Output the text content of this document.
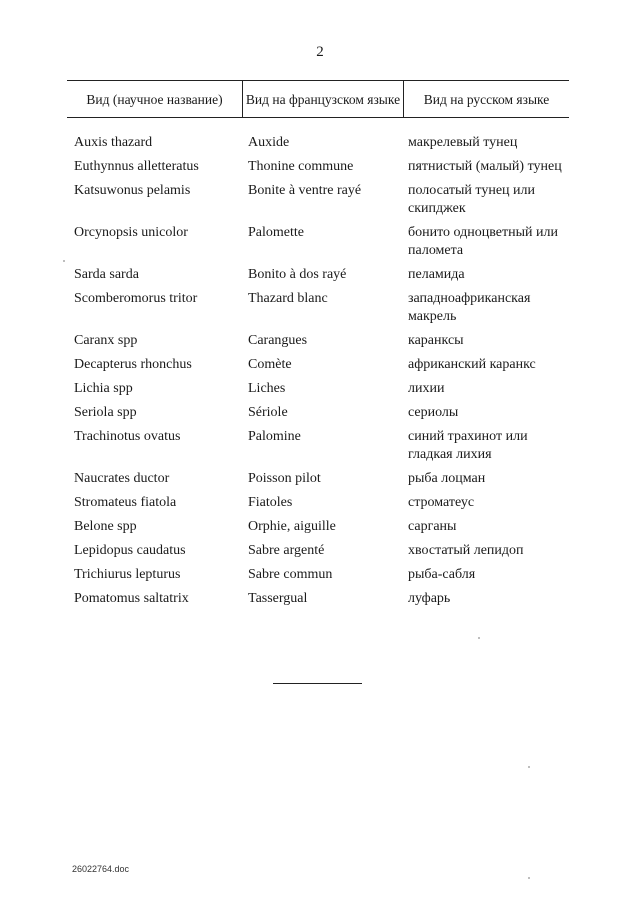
2
Вид (научное название)	Вид на французском языке	Вид на русском языке
Auxis thazard	Auxide	макрелевый тунец
Euthynnus alletteratus	Thonine commune	пятнистый (малый) тунец
Katsuwonus pelamis	Bonite à ventre rayé	полосатый тунец или скипджек
Orcynopsis unicolor	Palomette	бонито одноцветный или паломета
Sarda sarda	Bonito à dos rayé	пеламида
Scomberomorus tritor	Thazard blanc	западноафриканская макрель
Caranx spp	Carangues	каранксы
Decapterus rhonchus	Comète	африканский каранкс
Lichia spp	Liches	лихии
Seriola spp	Sériole	сериолы
Trachinotus ovatus	Palomine	синий трахинот или гладкая лихия
Naucrates ductor	Poisson pilot	рыба лоцман
Stromateus fiatola	Fiatoles	строматеус
Belone spp	Orphie, aiguille	сарганы
Lepidopus caudatus	Sabre argenté	хвостатый лепидоп
Trichiurus lepturus	Sabre commun	рыба-сабля
Pomatomus saltatrix	Tassergual	луфарь
26022764.doc
